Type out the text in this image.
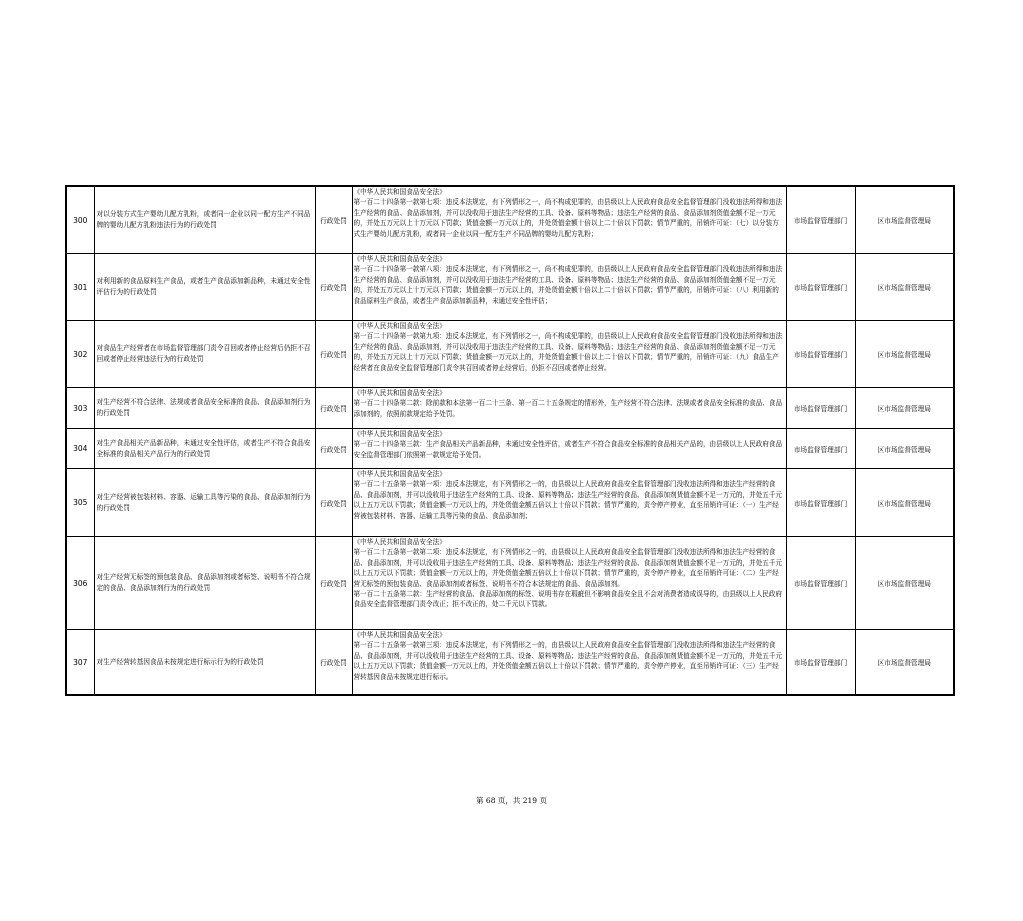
300	对以分装方式生产婴幼儿配方乳粉，或者同一企业以同一配方生产不同品牌的婴幼儿配方乳粉违法行为的行政处罚	行政处罚	《中华人民共和国食品安全法》

第一百二十四条第一款第七项：违反本法规定，有下列情形之一，尚不构成犯罪的，由县级以上人民政府食品安全监督管理部门没收违法所得和违法生产经营的食品、食品添加剂，并可以没收用于违法生产经营的工具、设备、原料等物品；违法生产经营的食品、食品添加剂货值金额不足一万元的，并处五万元以上十万元以下罚款；货值金额一万元以上的，并处货值金额十倍以上二十倍以下罚款；情节严重的，吊销许可证：（七）以分装方式生产婴幼儿配方乳粉，或者同一企业以同一配方生产不同品牌的婴幼儿配方乳粉；	市场监督管理部门	区市场监督管理局
301	对利用新的食品原料生产食品，或者生产食品添加新品种，未通过安全性评估行为的行政处罚	行政处罚	《中华人民共和国食品安全法》

第一百二十四条第一款第八项：违反本法规定，有下列情形之一，尚不构成犯罪的，由县级以上人民政府食品安全监督管理部门没收违法所得和违法生产经营的食品、食品添加剂，并可以没收用于违法生产经营的工具、设备、原料等物品；违法生产经营的食品、食品添加剂货值金额不足一万元的，并处五万元以上十万元以下罚款；货值金额一万元以上的，并处货值金额十倍以上二十倍以下罚款；情节严重的，吊销许可证：（八）利用新的食品原料生产食品，或者生产食品添加新品种，未通过安全性评估；	市场监督管理部门	区市场监督管理局
302	对食品生产经营者在市场监督管理部门责令召回或者停止经营后仍拒不召回或者停止经营违法行为的行政处罚	行政处罚	《中华人民共和国食品安全法》

第一百二十四条第一款第九项：违反本法规定，有下列情形之一，尚不构成犯罪的，由县级以上人民政府食品安全监督管理部门没收违法所得和违法生产经营的食品、食品添加剂，并可以没收用于违法生产经营的工具、设备、原料等物品；违法生产经营的食品、食品添加剂货值金额不足一万元的，并处五万元以上十万元以下罚款；货值金额一万元以上的，并处货值金额十倍以上二十倍以下罚款；情节严重的，吊销许可证：（九）食品生产经营者在食品安全监督管理部门责令其召回或者停止经营后，仍拒不召回或者停止经营。	市场监督管理部门	区市场监督管理局
303	对生产经营不符合法律、法规或者食品安全标准的食品、食品添加剂行为的行政处罚	行政处罚	《中华人民共和国食品安全法》

第一百二十四条第二款：除前款和本法第一百二十三条、第一百二十五条规定的情形外，生产经营不符合法律、法规或者食品安全标准的食品、食品添加剂的，依照前款规定给予处罚。	市场监督管理部门	区市场监督管理局
304	对生产食品相关产品新品种，未通过安全性评估，或者生产不符合食品安全标准的食品相关产品行为的行政处罚	行政处罚	《中华人民共和国食品安全法》

第一百二十四条第三款：生产食品相关产品新品种，未通过安全性评估，或者生产不符合食品安全标准的食品相关产品的，由县级以上人民政府食品安全监督管理部门依照第一款规定给予处罚。	市场监督管理部门	区市场监督管理局
305	对生产经营被包装材料、容器、运输工具等污染的食品、食品添加剂行为的行政处罚	行政处罚	《中华人民共和国食品安全法》

第一百二十五条第一款第一项：违反本法规定，有下列情形之一的，由县级以上人民政府食品安全监督管理部门没收违法所得和违法生产经营的食品、食品添加剂，并可以没收用于违法生产经营的工具、设备、原料等物品；违法生产经营的食品、食品添加剂货值金额不足一万元的，并处五千元以上五万元以下罚款；货值金额一万元以上的，并处货值金额五倍以上十倍以下罚款；情节严重的，责令停产停业，直至吊销许可证：（一）生产经营被包装材料、容器、运输工具等污染的食品、食品添加剂；	市场监督管理部门	区市场监督管理局
306	对生产经营无标签的预包装食品、食品添加剂或者标签、说明书不符合规定的食品、食品添加剂行为的行政处罚	行政处罚	《中华人民共和国食品安全法》

第一百二十五条第一款第二项：违反本法规定，有下列情形之一的，由县级以上人民政府食品安全监督管理部门没收违法所得和违法生产经营的食品、食品添加剂，并可以没收用于违法生产经营的工具、设备、原料等物品；违法生产经营的食品、食品添加剂货值金额不足一万元的，并处五千元以上五万元以下罚款；货值金额一万元以上的，并处货值金额五倍以上十倍以下罚款；情节严重的，责令停产停业，直至吊销许可证：（二）生产经营无标签的预包装食品、食品添加剂或者标签、说明书不符合本法规定的食品、食品添加剂。

第一百二十五条第二款：生产经营的食品、食品添加剂的标签、说明书存在瑕疵但不影响食品安全且不会对消费者造成误导的，由县级以上人民政府食品安全监督管理部门责令改正；拒不改正的，处二千元以下罚款。	市场监督管理部门	区市场监督管理局
307	对生产经营转基因食品未按规定进行标示行为的行政处罚	行政处罚	《中华人民共和国食品安全法》

第一百二十五条第一款第三项：违反本法规定，有下列情形之一的，由县级以上人民政府食品安全监督管理部门没收违法所得和违法生产经营的食品、食品添加剂，并可以没收用于违法生产经营的工具、设备、原料等物品；违法生产经营的食品、食品添加剂货值金额不足一万元的，并处五千元以上五万元以下罚款；货值金额一万元以上的，并处货值金额五倍以上十倍以下罚款；情节严重的，责令停产停业，直至吊销许可证：（三）生产经营转基因食品未按规定进行标示。	市场监督管理部门	区市场监督管理局
第 68 页，共 219 页
